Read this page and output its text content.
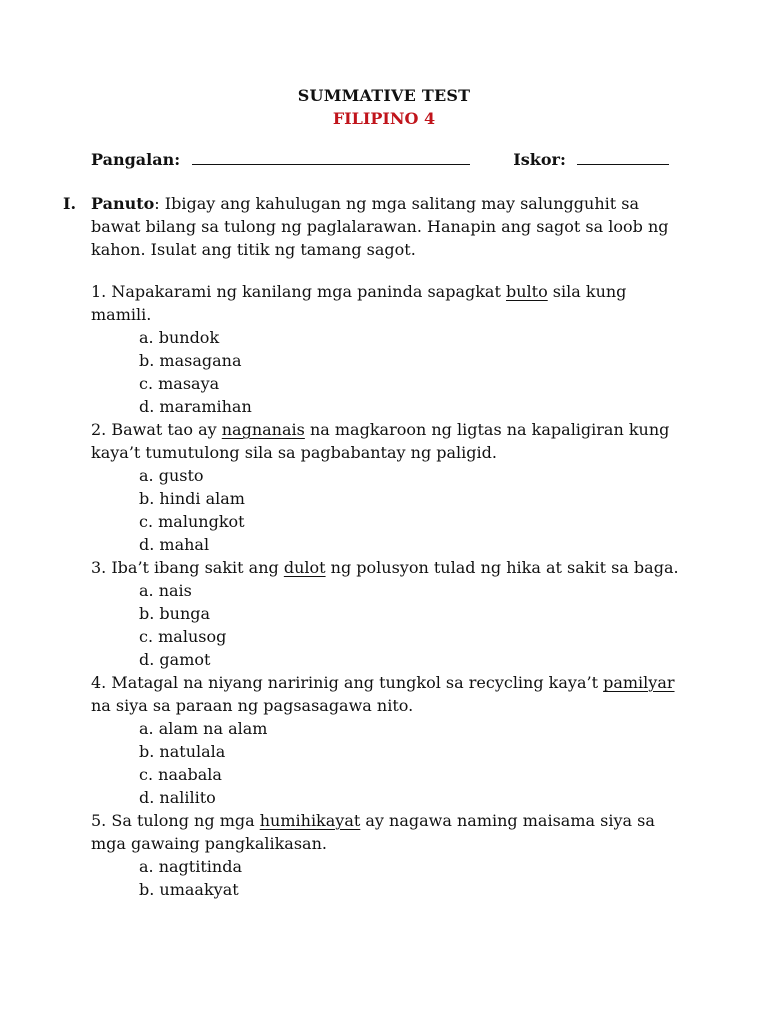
SUMMATIVE TEST
FILIPINO 4
Pangalan:	Iskor:
I. Panuto: Ibigay ang kahulugan ng mga salitang may salungguhit sa bawat bilang sa tulong ng paglalarawan. Hanapin ang sagot sa loob ng kahon. Isulat ang titik ng tamang sagot.

1. Napakarami ng kanilang mga paninda sapagkat bulto sila kung mamili.

a. bundok
b. masagana
c. masaya
d. maramihan

2. Bawat tao ay nagnanais na magkaroon ng ligtas na kapaligiran kung kaya’t tumutulong sila sa pagbabantay ng paligid.

a. gusto
b. hindi alam
c. malungkot
d. mahal

3. Iba’t ibang sakit ang dulot ng polusyon tulad ng hika at sakit sa baga.

a. nais
b. bunga
c. malusog
d. gamot

4. Matagal na niyang naririnig ang tungkol sa recycling kaya’t pamilyar na siya sa paraan ng pagsasagawa nito.

a. alam na alam
b. natulala
c. naabala
d. nalilito

5. Sa tulong ng mga humihikayat ay nagawa naming maisama siya sa mga gawaing pangkalikasan.

a. nagtitinda
b. umaakyat
